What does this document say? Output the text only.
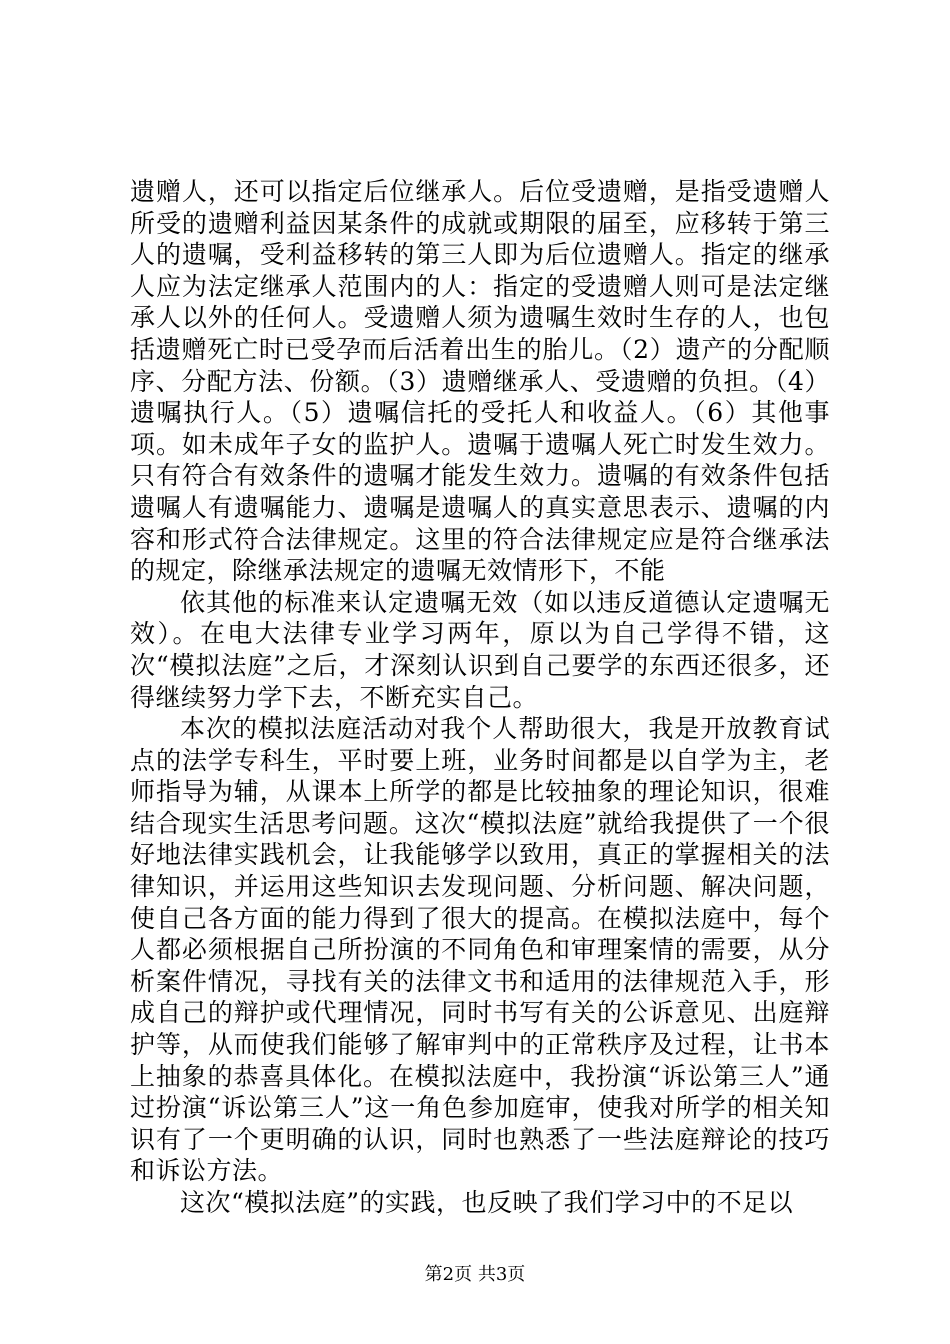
遗赠人，还可以指定后位继承人。后位受遗赠，是指受遗赠人所受的遗赠利益因某条件的成就或期限的届至，应移转于第三人的遗嘱，受利益移转的第三人即为后位遗赠人。指定的继承人应为法定继承人范围内的人：指定的受遗赠人则可是法定继承人以外的任何人。受遗赠人须为遗嘱生效时生存的人，也包括遗赠死亡时已受孕而后活着出生的胎儿。（2）遗产的分配顺序、分配方法、份额。（3）遗赠继承人、受遗赠的负担。（4）遗嘱执行人。（5）遗嘱信托的受托人和收益人。（6）其他事项。如未成年子女的监护人。遗嘱于遗嘱人死亡时发生效力。只有符合有效条件的遗嘱才能发生效力。遗嘱的有效条件包括遗嘱人有遗嘱能力、遗嘱是遗嘱人的真实意思表示、遗嘱的内容和形式符合法律规定。这里的符合法律规定应是符合继承法的规定，除继承法规定的遗嘱无效情形下，不能

依其他的标准来认定遗嘱无效（如以违反道德认定遗嘱无效）。在电大法律专业学习两年，原以为自己学得不错，这次“模拟法庭”之后，才深刻认识到自己要学的东西还很多，还得继续努力学下去，不断充实自己。

本次的模拟法庭活动对我个人帮助很大，我是开放教育试点的法学专科生，平时要上班，业务时间都是以自学为主，老师指导为辅，从课本上所学的都是比较抽象的理论知识，很难结合现实生活思考问题。这次“模拟法庭”就给我提供了一个很好地法律实践机会，让我能够学以致用，真正的掌握相关的法律知识，并运用这些知识去发现问题、分析问题、解决问题，使自己各方面的能力得到了很大的提高。在模拟法庭中，每个人都必须根据自己所扮演的不同角色和审理案情的需要，从分析案件情况，寻找有关的法律文书和适用的法律规范入手，形成自己的辩护或代理情况，同时书写有关的公诉意见、出庭辩护等，从而使我们能够了解审判中的正常秩序及过程，让书本上抽象的恭喜具体化。在模拟法庭中，我扮演“诉讼第三人”通过扮演“诉讼第三人”这一角色参加庭审，使我对所学的相关知识有了一个更明确的认识，同时也熟悉了一些法庭辩论的技巧和诉讼方法。

这次“模拟法庭”的实践，也反映了我们学习中的不足以

第2页 共3页
